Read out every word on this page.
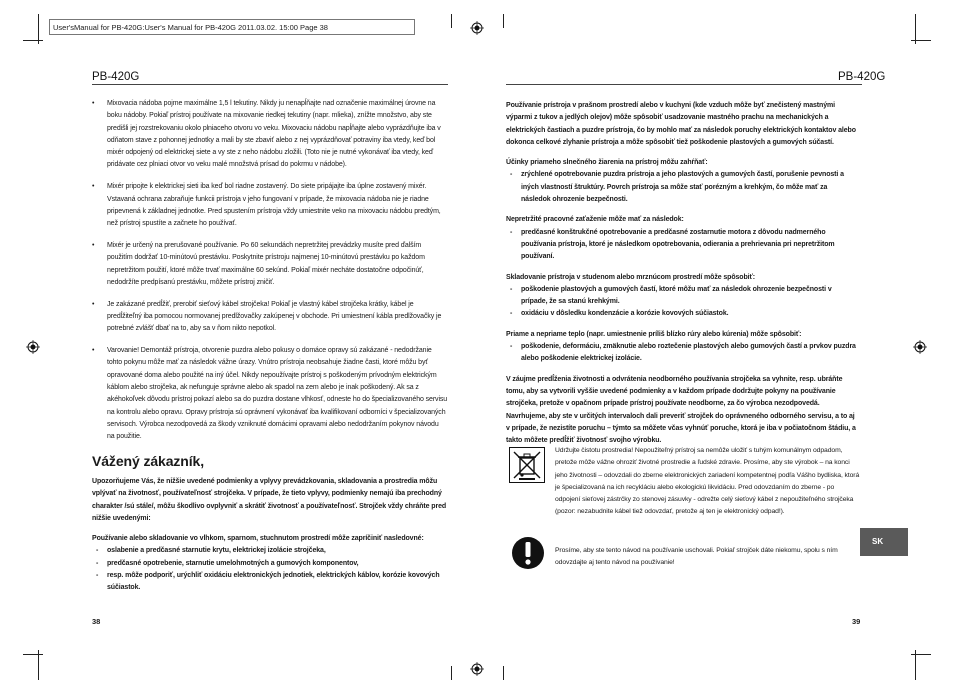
User'sManual for PB-420G:User's Manual for PB-420G 2011.03.02. 15:00 Page 38
PB-420G

• Mixovacia nádoba pojme maximálne 1,5 l tekutiny. Nikdy ju nenapĺňajte nad označenie maximálnej úrovne na boku nádoby. Pokiaľ prístroj používate na mixovanie riedkej tekutiny (napr. mlieka), znížte množstvo, aby ste predišli jej rozstrekovaniu okolo plniaceho otvoru vo veku. Mixovaciu nádobu napĺňajte alebo vyprázdňujte iba v odňatom stave z pohonnej jednotky a mali by ste zbaviť alebo z nej vyprázdňovať potraviny iba vtedy, keď bol mixér odpojený od elektrickej siete a vy ste z neho nádobu zložili. (Toto nie je nutné vykonávať iba vtedy, keď pridávate cez plniaci otvor vo veku malé množstvá prísad do pokrmu v nádobe).

• Mixér pripojte k elektrickej sieti iba keď bol riadne zostavený. Do siete pripájajte iba úplne zostavený mixér. Vstavaná ochrana zabraňuje funkcii prístroja v jeho fungovaní v prípade, že mixovacia nádoba nie je riadne pripevnená k základnej jednotke. Pred spustením prístroja vždy umiestnite veko na mixovaciu nádobu predtým, než prístroj spustíte a začnete ho používať.

• Mixér je určený na prerušované používanie. Po 60 sekundách nepretržitej prevádzky musíte pred ďalším použitím dodržať 10-minútovú prestávku. Poskytnite prístroju najmenej 10-minútovú prestávku po každom nepretržitom použití, ktoré môže trvať maximálne 60 sekúnd. Pokiaľ mixér necháte dostatočne odpočinúť, nedodržíte predpísanú prestávku, môžete prístroj zničiť.

• Je zakázané predĺžiť, prerobiť sieťový kábel strojčeka! Pokiaľ je vlastný kábel strojčeka krátky, kábel je predĺžiteľný iba pomocou normovanej predlžovačky zakúpenej v obchode. Pri umiestnení kábla predlžovačky je potrebné zvlášť dbať na to, aby sa v ňom nikto nepotkol.

• Varovanie! Demontáž prístroja, otvorenie puzdra alebo pokusy o domáce opravy sú zakázané - nedodržanie tohto pokynu môže mať za následok vážne úrazy. Vnútro prístroja neobsahuje žiadne časti, ktoré môžu byť opravované doma alebo použité na iný účel. Nikdy nepoužívajte prístroj s poškodeným prívodným elektrickým káblom alebo strojčeka, ak nefunguje správne alebo ak spadol na zem alebo je inak poškodený. Ak sa z akéhokoľvek dôvodu prístroj pokazí alebo sa do puzdra dostane vlhkosť, odneste ho do špecializovaného servisu na kontrolu alebo opravu. Opravy prístroja sú oprávnení vykonávať iba kvalifikovaní odborníci v špecializovaných servisoch. Výrobca nezodpovedá za škody vzniknuté domácimi opravami alebo nedodržaním pokynov návodu na použitie.

Vážený zákazník,

Upozorňujeme Vás, že nižšie uvedené podmienky a vplyvy prevádzkovania, skladovania a prostredia môžu vplývať na životnosť, používateľnosť strojčeka. V prípade, že tieto vplyvy, podmienky nemajú iba prechodný charakter /sú stále/, môžu škodlivo ovplyvniť a skrátiť životnosť a používateľnosť. Strojček vždy chráňte pred nižšie uvedenými:

Používanie alebo skladovanie vo vlhkom, sparnom, stuchnutom prostredí môže zapríčiniť nasledovné:

- oslabenie a predčasné starnutie krytu, elektrickej izolácie strojčeka,

- predčasné opotrebenie, starnutie umelohmotných a gumových komponentov,

- resp. môže podporiť, urýchliť oxidáciu elektronických jednotiek, elektrických káblov, korózie kovových súčiastok.

38
PB-420G

Používanie prístroja v prašnom prostredí alebo v kuchyni (kde vzduch môže byť znečistený mastnými výparmi z tukov a jedlých olejov) môže spôsobiť usadzovanie mastného prachu na mechanických a elektrických častiach a puzdre prístroja, čo by mohlo mať za následok poruchy elektrických kontaktov alebo dokonca celkové zlyhanie prístroja a môže spôsobiť tiež poškodenie plastových a gumových súčastí.

Účinky priameho slnečného žiarenia na prístroj môžu zahŕňať:

- zrýchlené opotrebovanie puzdra prístroja a jeho plastových a gumových častí, porušenie pevnosti a iných vlastností štruktúry. Povrch prístroja sa môže stať porézným a krehkým, čo môže mať za následok ohrozenie bezpečnosti.

Nepretržité pracovné zaťaženie môže mať za následok:

- predčasné konštrukčné opotrebovanie a predčasné zostarnutie motora z dôvodu nadmerného používania prístroja, ktoré je následkom opotrebovania, odierania a prehrievania pri nepretržitom používaní.

Skladovanie prístroja v studenom alebo mrznúcom prostredí môže spôsobiť:

- poškodenie plastových a gumových častí, ktoré môžu mať za následok ohrozenie bezpečnosti v prípade, že sa stanú krehkými.

- oxidáciu v dôsledku kondenzácie a korózie kovových súčiastok.

Priame a nepriame teplo (napr. umiestnenie príliš blízko rúry alebo kúrenia) môže spôsobiť:

- poškodenie, deformáciu, zmäknutie alebo roztečenie plastových alebo gumových častí a prvkov puzdra alebo poškodenie elektrickej izolácie.

V záujme predĺženia životnosti a odvrátenia neodborného používania strojčeka sa vyhnite, resp. ubráňte tomu, aby sa vytvorili vyššie uvedené podmienky a v každom prípade dodržujte pokyny na používanie strojčeka, pretože v opačnom prípade prístroj používate neodborne, za čo výrobca nezodpovedá. Navrhujeme, aby ste v určitých intervaloch dali preveriť strojček do oprávneného odborného servisu, a to aj v prípade, že nezistíte poruchu – týmto sa môžete včas vyhnúť poruche, ktorá je iba v počiatočnom štádiu, a takto môžete predĺžiť životnosť svojho výrobku.

Udržujte čistotu prostredia! Nepoužiteľný prístroj sa nemôže uložiť s tuhým komunálnym odpadom, pretože môže vážne ohroziť životné prostredie a ľudské zdravie. Prosíme, aby ste výrobok – na konci jeho životnosti – odovzdali do zberne elektronických zariadení kompetentnej podľa Vášho bydliska, ktorá je špecializovaná na ich recykláciu alebo ekologickú likvidáciu. Pred odovzdaním do zberne - po odpojení sieťovej zástrčky zo stenovej zásuvky - odrežte celý sieťový kábel z nepoužiteľného strojčeka (pozor: nezabudnite kábel tiež odovzdať, pretože aj ten je elektronický odpad!).
Prosíme, aby ste tento návod na používanie uschovali. Pokiaľ strojček dáte niekomu, spolu s ním odovzdajte aj tento návod na používanie!
SK
39
